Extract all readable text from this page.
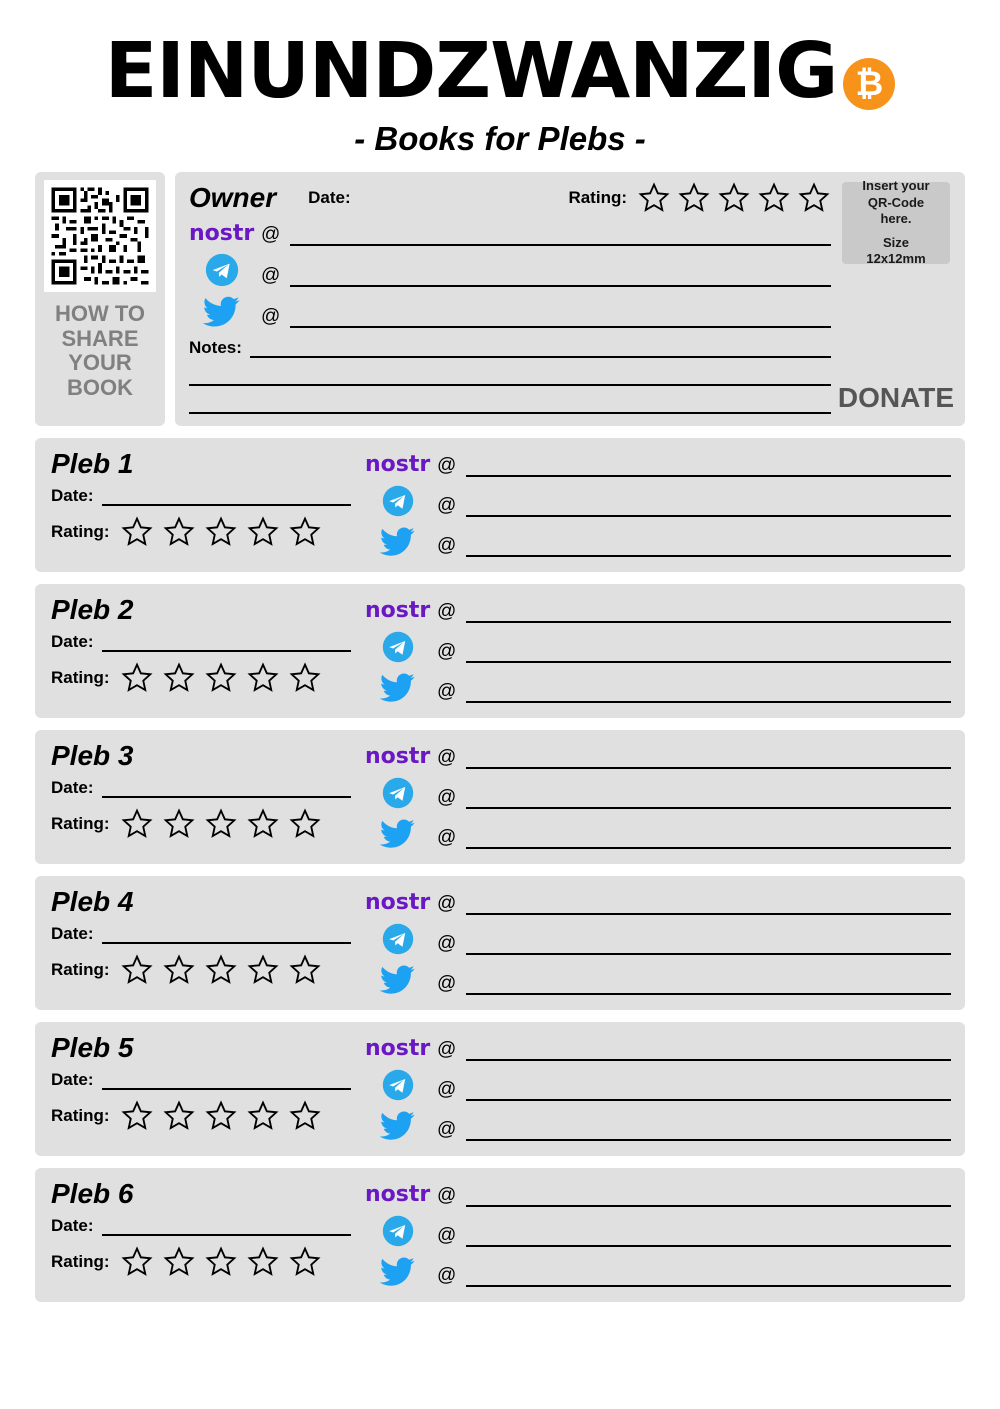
EINUNDZWANZIG ₿
- Books for Plebs -
HOW TO SHARE YOUR BOOK
Owner Date:	Rating:
nostr @
@
@
Notes:
Insert your
QR-Code
here.
Size
12x12mm
DONATE
Pleb 1
Date:
Rating:
nostr @
@
@
Pleb 2
Date:
Rating:
nostr @
@
@
Pleb 3
Date:
Rating:
nostr @
@
@
Pleb 4
Date:
Rating:
nostr @
@
@
Pleb 5
Date:
Rating:
nostr @
@
@
Pleb 6
Date:
Rating:
nostr @
@
@
